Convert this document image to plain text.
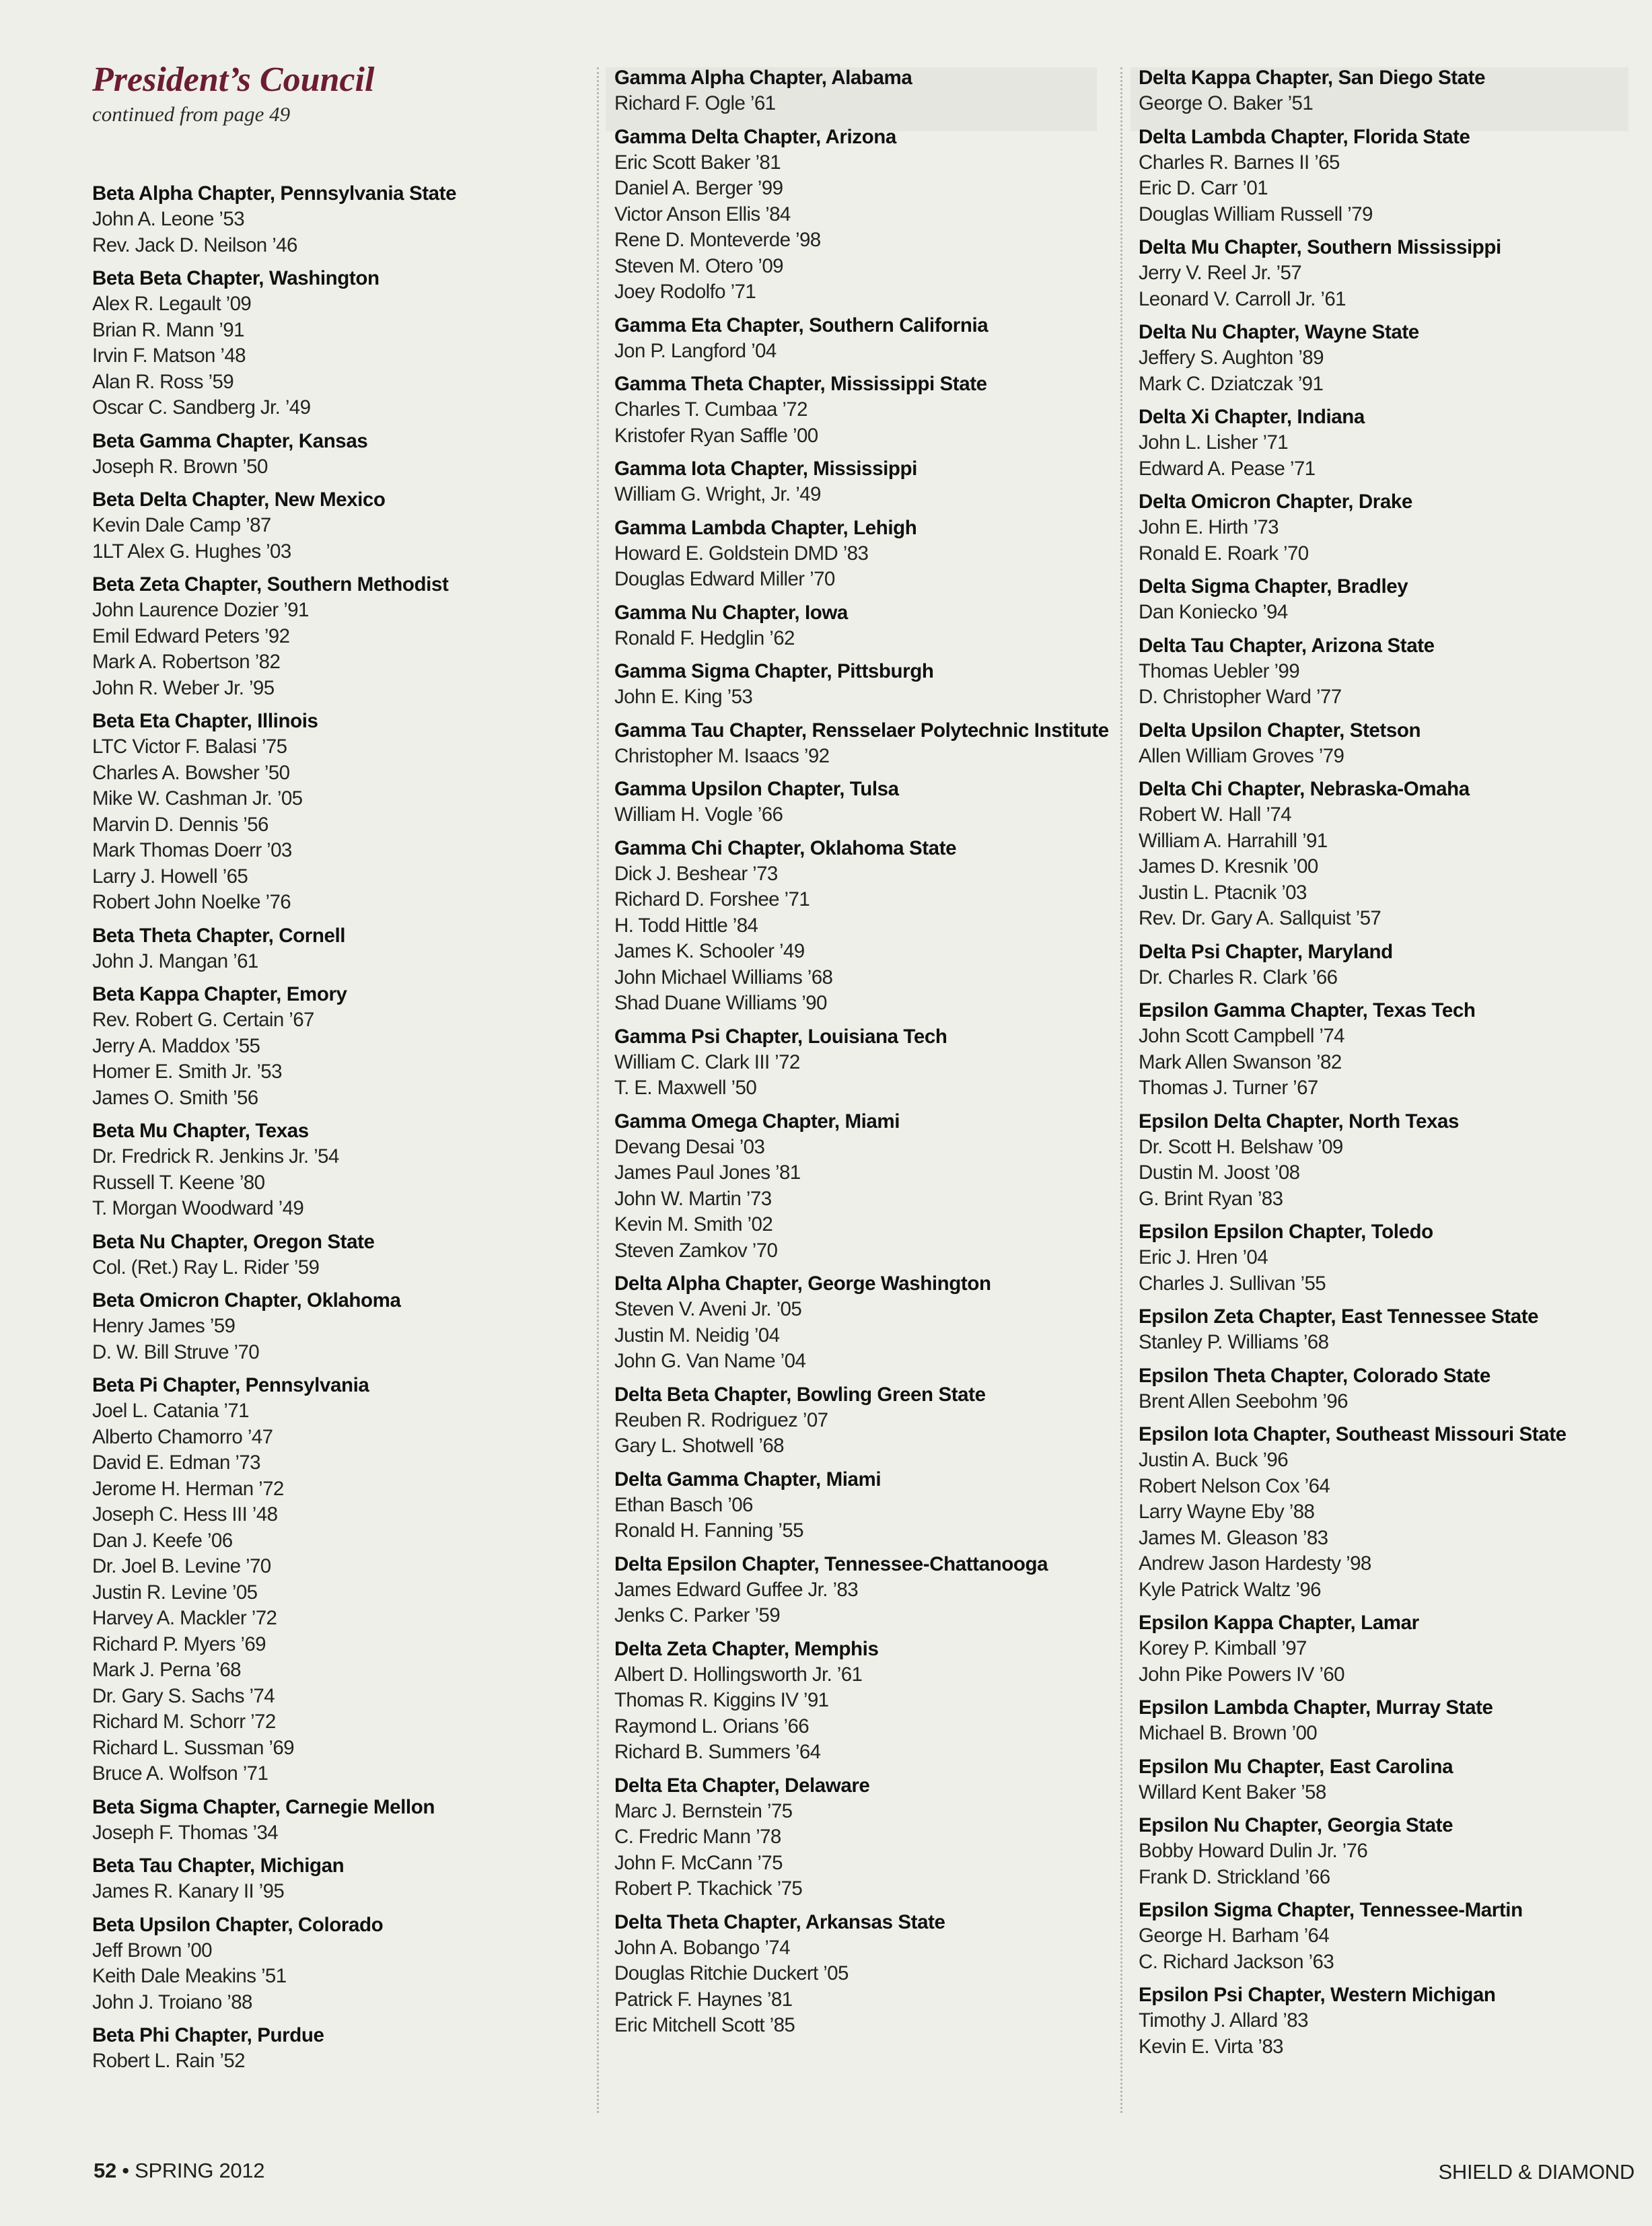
President’s Council
continued from page 49
Beta Alpha Chapter, Pennsylvania State
John A. Leone ’53
Rev. Jack D. Neilson ’46
Beta Beta Chapter, Washington
Alex R. Legault ’09
Brian R. Mann ’91
Irvin F. Matson ’48
Alan R. Ross ’59
Oscar C. Sandberg Jr. ’49
Beta Gamma Chapter, Kansas
Joseph R. Brown ’50
Beta Delta Chapter, New Mexico
Kevin Dale Camp ’87
1LT Alex G. Hughes ’03
Beta Zeta Chapter, Southern Methodist
John Laurence Dozier ’91
Emil Edward Peters ’92
Mark A. Robertson ’82
John R. Weber Jr. ’95
Beta Eta Chapter, Illinois
LTC Victor F. Balasi ’75
Charles A. Bowsher ’50
Mike W. Cashman Jr. ’05
Marvin D. Dennis ’56
Mark Thomas Doerr ’03
Larry J. Howell ’65
Robert John Noelke ’76
Beta Theta Chapter, Cornell
John J. Mangan ’61
Beta Kappa Chapter, Emory
Rev. Robert G. Certain ’67
Jerry A. Maddox ’55
Homer E. Smith Jr. ’53
James O. Smith ’56
Beta Mu Chapter, Texas
Dr. Fredrick R. Jenkins Jr. ’54
Russell T. Keene ’80
T. Morgan Woodward ’49
Beta Nu Chapter, Oregon State
Col. (Ret.) Ray L. Rider ’59
Beta Omicron Chapter, Oklahoma
Henry James ’59
D. W. Bill Struve ’70
Beta Pi Chapter, Pennsylvania
Joel L. Catania ’71
Alberto Chamorro ’47
David E. Edman ’73
Jerome H. Herman ’72
Joseph C. Hess III ’48
Dan J. Keefe ’06
Dr. Joel B. Levine ’70
Justin R. Levine ’05
Harvey A. Mackler ’72
Richard P. Myers ’69
Mark J. Perna ’68
Dr. Gary S. Sachs ’74
Richard M. Schorr ’72
Richard L. Sussman ’69
Bruce A. Wolfson ’71
Beta Sigma Chapter, Carnegie Mellon
Joseph F. Thomas ’34
Beta Tau Chapter, Michigan
James R. Kanary II ’95
Beta Upsilon Chapter, Colorado
Jeff Brown ’00
Keith Dale Meakins ’51
John J. Troiano ’88
Beta Phi Chapter, Purdue
Robert L. Rain ’52
Gamma Alpha Chapter, Alabama
Richard F. Ogle ’61
Gamma Delta Chapter, Arizona
Eric Scott Baker ’81
Daniel A. Berger ’99
Victor Anson Ellis ’84
Rene D. Monteverde ’98
Steven M. Otero ’09
Joey Rodolfo ’71
Gamma Eta Chapter, Southern California
Jon P. Langford ’04
Gamma Theta Chapter, Mississippi State
Charles T. Cumbaa ’72
Kristofer Ryan Saffle ’00
Gamma Iota Chapter, Mississippi
William G. Wright, Jr. ’49
Gamma Lambda Chapter, Lehigh
Howard E. Goldstein DMD ’83
Douglas Edward Miller ’70
Gamma Nu Chapter, Iowa
Ronald F. Hedglin ’62
Gamma Sigma Chapter, Pittsburgh
John E. King ’53
Gamma Tau Chapter, Rensselaer Polytechnic Institute
Christopher M. Isaacs ’92
Gamma Upsilon Chapter, Tulsa
William H. Vogle ’66
Gamma Chi Chapter, Oklahoma State
Dick J. Beshear ’73
Richard D. Forshee ’71
H. Todd Hittle ’84
James K. Schooler ’49
John Michael Williams ’68
Shad Duane Williams ’90
Gamma Psi Chapter, Louisiana Tech
William C. Clark III ’72
T. E. Maxwell ’50
Gamma Omega Chapter, Miami
Devang Desai ’03
James Paul Jones ’81
John W. Martin ’73
Kevin M. Smith ’02
Steven Zamkov ’70
Delta Alpha Chapter, George Washington
Steven V. Aveni Jr. ’05
Justin M. Neidig ’04
John G. Van Name ’04
Delta Beta Chapter, Bowling Green State
Reuben R. Rodriguez ’07
Gary L. Shotwell ’68
Delta Gamma Chapter, Miami
Ethan Basch ’06
Ronald H. Fanning ’55
Delta Epsilon Chapter, Tennessee-Chattanooga
James Edward Guffee Jr. ’83
Jenks C. Parker ’59
Delta Zeta Chapter, Memphis
Albert D. Hollingsworth Jr. ’61
Thomas R. Kiggins IV ’91
Raymond L. Orians ’66
Richard B. Summers ’64
Delta Eta Chapter, Delaware
Marc J. Bernstein ’75
C. Fredric Mann ’78
John F. McCann ’75
Robert P. Tkachick ’75
Delta Theta Chapter, Arkansas State
John A. Bobango ’74
Douglas Ritchie Duckert ’05
Patrick F. Haynes ’81
Eric Mitchell Scott ’85
Delta Kappa Chapter, San Diego State
George O. Baker ’51
Delta Lambda Chapter, Florida State
Charles R. Barnes II ’65
Eric D. Carr ’01
Douglas William Russell ’79
Delta Mu Chapter, Southern Mississippi
Jerry V. Reel Jr. ’57
Leonard V. Carroll Jr. ’61
Delta Nu Chapter, Wayne State
Jeffery S. Aughton ’89
Mark C. Dziatczak ’91
Delta Xi Chapter, Indiana
John L. Lisher ’71
Edward A. Pease ’71
Delta Omicron Chapter, Drake
John E. Hirth ’73
Ronald E. Roark ’70
Delta Sigma Chapter, Bradley
Dan Koniecko ’94
Delta Tau Chapter, Arizona State
Thomas Uebler ’99
D. Christopher Ward ’77
Delta Upsilon Chapter, Stetson
Allen William Groves ’79
Delta Chi Chapter, Nebraska-Omaha
Robert W. Hall ’74
William A. Harrahill ’91
James D. Kresnik ’00
Justin L. Ptacnik ’03
Rev. Dr. Gary A. Sallquist ’57
Delta Psi Chapter, Maryland
Dr. Charles R. Clark ’66
Epsilon Gamma Chapter, Texas Tech
John Scott Campbell ’74
Mark Allen Swanson ’82
Thomas J. Turner ’67
Epsilon Delta Chapter, North Texas
Dr. Scott H. Belshaw ’09
Dustin M. Joost ’08
G. Brint Ryan ’83
Epsilon Epsilon Chapter, Toledo
Eric J. Hren ’04
Charles J. Sullivan ’55
Epsilon Zeta Chapter, East Tennessee State
Stanley P. Williams ’68
Epsilon Theta Chapter, Colorado State
Brent Allen Seebohm ’96
Epsilon Iota Chapter, Southeast Missouri State
Justin A. Buck ’96
Robert Nelson Cox ’64
Larry Wayne Eby ’88
James M. Gleason ’83
Andrew Jason Hardesty ’98
Kyle Patrick Waltz ’96
Epsilon Kappa Chapter, Lamar
Korey P. Kimball ’97
John Pike Powers IV ’60
Epsilon Lambda Chapter, Murray State
Michael B. Brown ’00
Epsilon Mu Chapter, East Carolina
Willard Kent Baker ’58
Epsilon Nu Chapter, Georgia State
Bobby Howard Dulin Jr. ’76
Frank D. Strickland ’66
Epsilon Sigma Chapter, Tennessee-Martin
George H. Barham ’64
C. Richard Jackson ’63
Epsilon Psi Chapter, Western Michigan
Timothy J. Allard ’83
Kevin E. Virta ’83
52 • SPRING 2012	SHIELD & DIAMOND
